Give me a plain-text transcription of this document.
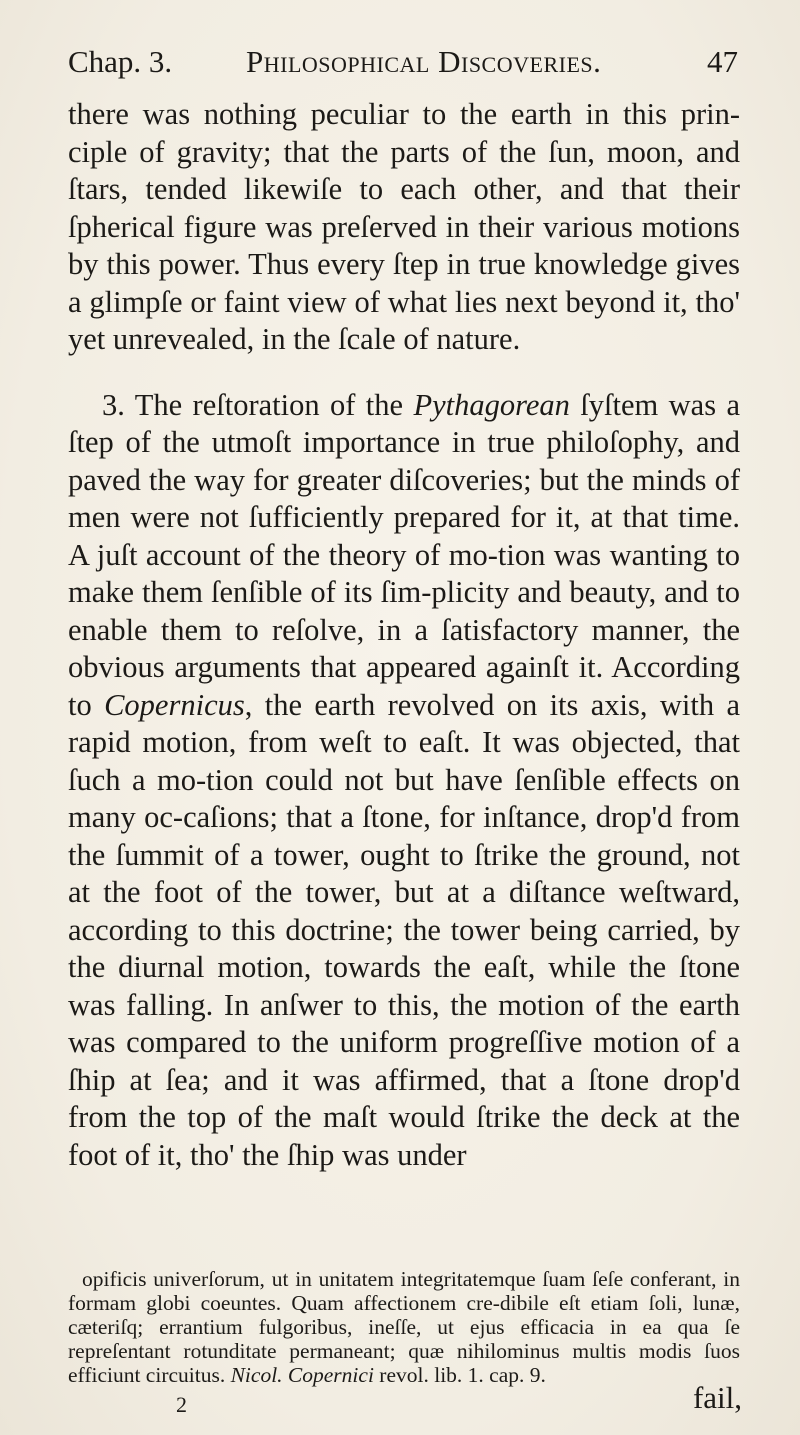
Chap. 3. Philosophical Discoveries.	47

there was nothing peculiar to the earth in this prin-ciple of gravity; that the parts of the ſun, moon, and ſtars, tended likewiſe to each other, and that their ſpherical figure was preſerved in their various motions by this power. Thus every ſtep in true knowledge gives a glimpſe or faint view of what lies next beyond it, tho' yet unrevealed, in the ſcale of nature.

3. The reſtoration of the Pythagorean ſyſtem was a ſtep of the utmoſt importance in true philoſophy, and paved the way for greater diſcoveries; but the minds of men were not ſufficiently prepared for it, at that time. A juſt account of the theory of mo-tion was wanting to make them ſenſible of its ſim-plicity and beauty, and to enable them to reſolve, in a ſatisfactory manner, the obvious arguments that appeared againſt it. According to Copernicus, the earth revolved on its axis, with a rapid motion, from weſt to eaſt. It was objected, that ſuch a mo-tion could not but have ſenſible effects on many oc-caſions; that a ſtone, for inſtance, drop'd from the ſummit of a tower, ought to ſtrike the ground, not at the foot of the tower, but at a diſtance weſtward, according to this doctrine; the tower being carried, by the diurnal motion, towards the eaſt, while the ſtone was falling. In anſwer to this, the motion of the earth was compared to the uniform progreſſive motion of a ſhip at ſea; and it was affirmed, that a ſtone drop'd from the top of the maſt would ſtrike the deck at the foot of it, tho' the ſhip was under

opificis univerſorum, ut in unitatem integritatemque ſuam ſeſe conferant, in formam globi coeuntes. Quam affectionem cre-dibile eſt etiam ſoli, lunæ, cæteriſq; errantium fulgoribus, ineſſe, ut ejus efficacia in ea qua ſe repreſentant rotunditate permaneant; quæ nihilominus multis modis ſuos efficiunt circuitus. Nicol. Copernici revol. lib. 1. cap. 9.
2	fail,
